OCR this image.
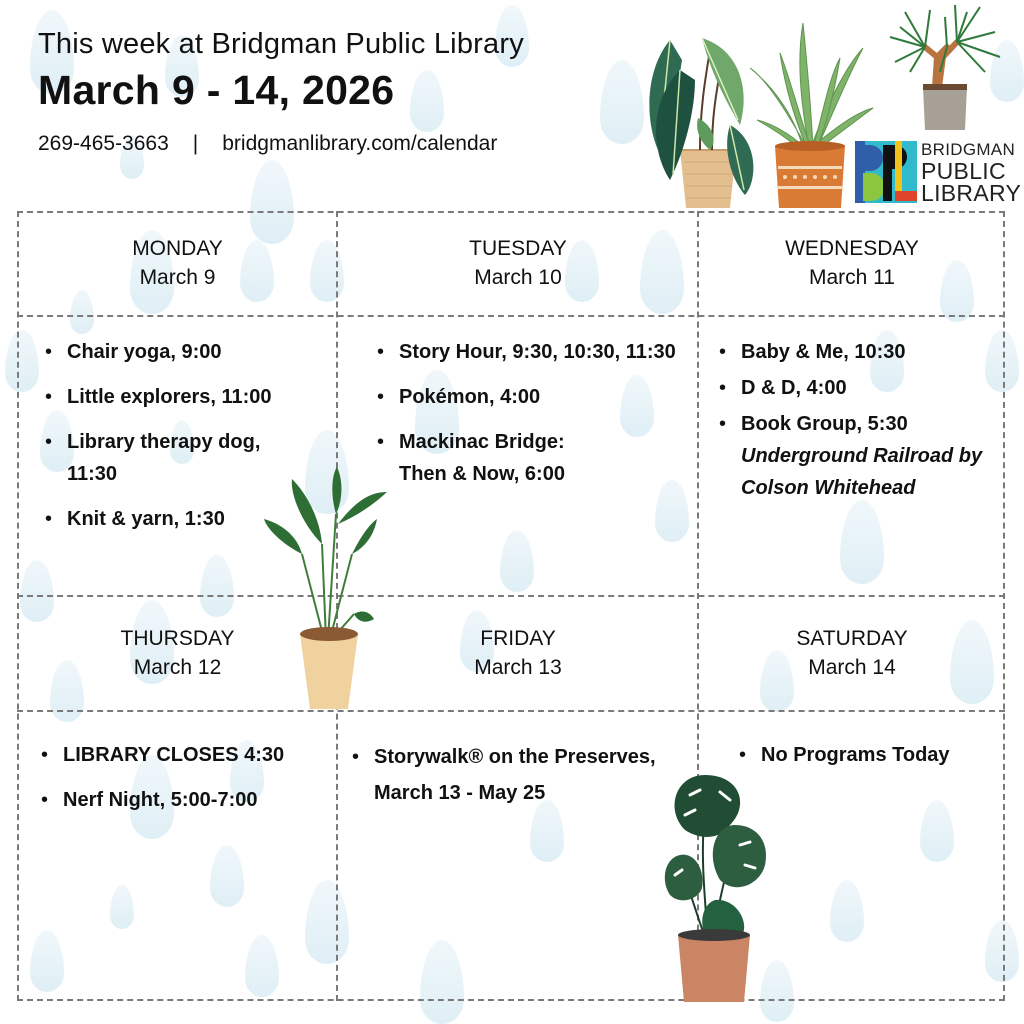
This week at Bridgman Public Library
March 9 - 14, 2026
269-465-3663 | bridgmanlibrary.com/calendar	BRIDGMAN
PUBLIC
LIBRARY
MONDAY
March 9
• Chair yoga, 9:00
• Little explorers, 11:00
• Library therapy dog, 11:30
• Knit & yarn, 1:30
TUESDAY
March 10
• Story Hour, 9:30, 10:30, 11:30
• Pokémon, 4:00
• Mackinac Bridge: Then & Now, 6:00
WEDNESDAY
March 11
• Baby & Me, 10:30
• D & D, 4:00
• Book Group, 5:30
Underground Railroad by Colson Whitehead
THURSDAY
March 12
• LIBRARY CLOSES 4:30
• Nerf Night, 5:00-7:00
FRIDAY
March 13
• Storywalk® on the Preserves, March 13 - May 25
SATURDAY
March 14
• No Programs Today
